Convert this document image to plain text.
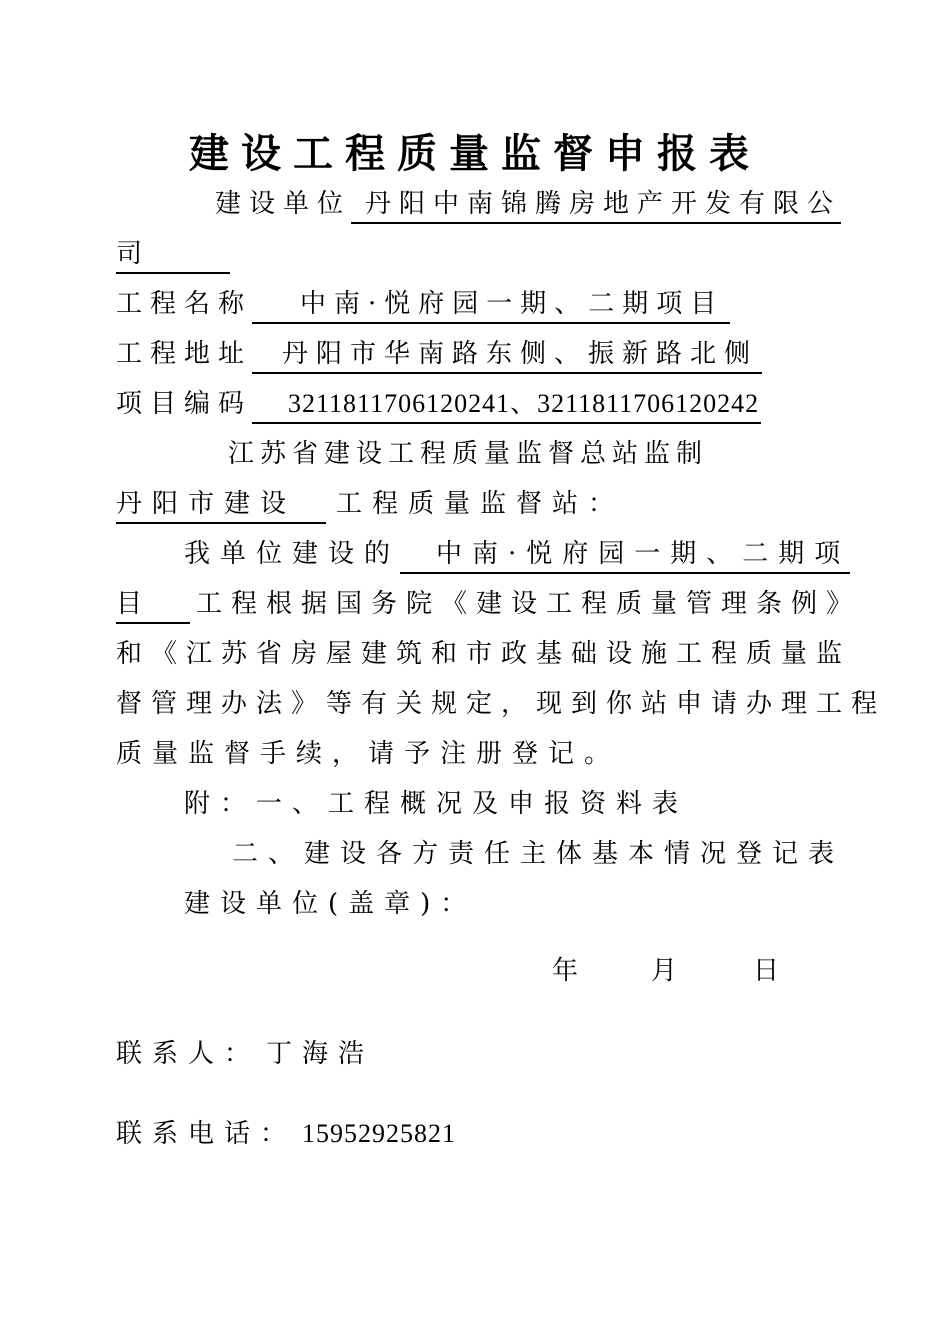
建设工程质量监督申报表
建设单位 丹阳中南锦腾房地产开发有限公
司
工程名称 中南·悦府园一期、二期项目
工程地址 丹阳市华南路东侧、振新路北侧
项目编码 3211811706120241、3211811706120242
江苏省建设工程质量监督总站监制
丹阳市建设 工程质量监督站：
我单位建设的 中南·悦府园一期、二期项
目 工程根据国务院《建设工程质量管理条例》
和《江苏省房屋建筑和市政基础设施工程质量监
督管理办法》等有关规定，现到你站申请办理工程
质量监督手续，请予注册登记。
附：一、工程概况及申报资料表
二、建设各方责任主体基本情况登记表
建设单位(盖章)：
年	月	日
联系人： 丁海浩
联系电话： 15952925821
